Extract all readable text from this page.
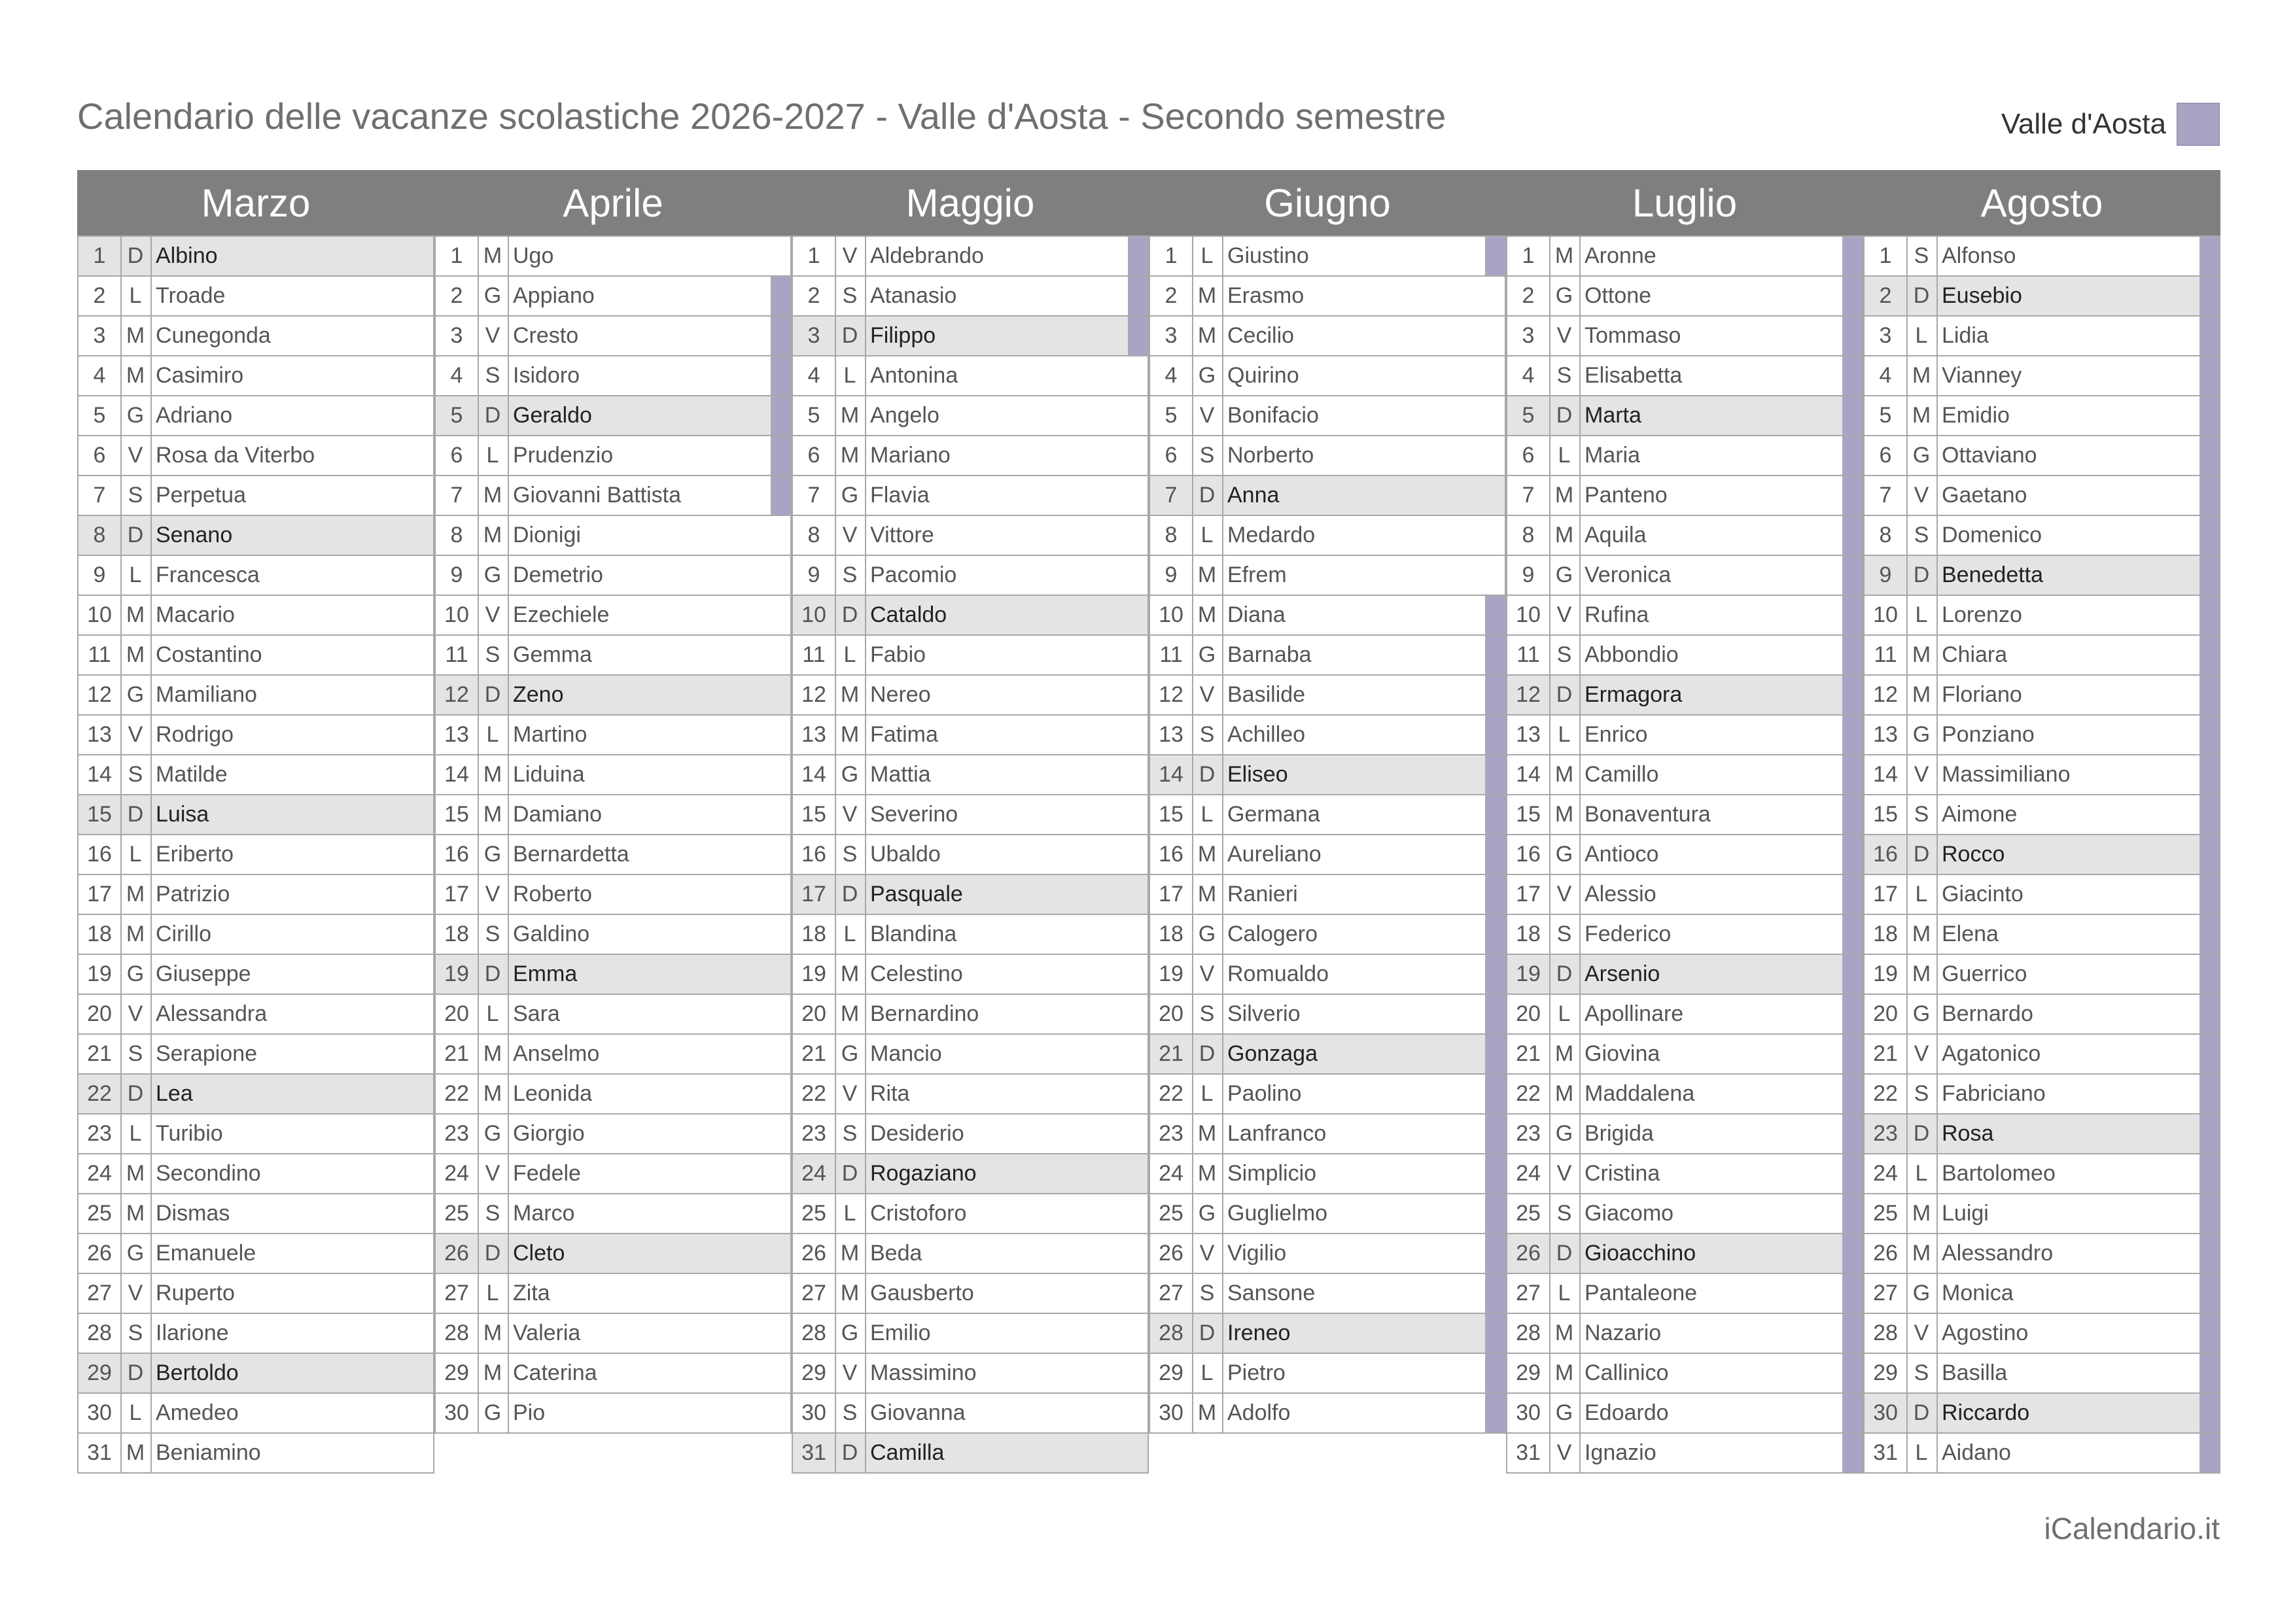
Calendario delle vacanze scolastiche 2026-2027 - Valle d'Aosta - Secondo semestre	Valle d'Aosta
Marzo
1 D Albino
2	L Troade
3 M Cunegonda
4 M Casimiro
5 G Adriano
6	V Rosa da Viterbo
7	S Perpetua
8 D Senano
9	L Francesca
10 M Macario
11 M Costantino
12 G Mamiliano
13 V Rodrigo
14 S Matilde
15 D Luisa
16 L Eriberto
17 M Patrizio
18 M Cirillo
19 G Giuseppe
20 V Alessandra
21 S Serapione
22 D Lea
23 L Turibio
24 M Secondino
25 M Dismas
26 G Emanuele
27 V Ruperto
28 S Ilarione
29 D Bertoldo
30 L Amedeo
31 M Beniamino
Aprile
1 M Ugo
2 G Appiano
3	V Cresto
4	S Isidoro
5 D Geraldo
6	L Prudenzio
7 M Giovanni Battista
8 M Dionigi
9 G Demetrio
10 V Ezechiele
11 S Gemma
12 D Zeno
13 L Martino
14 M Liduina
15 M Damiano
16 G Bernardetta
17 V Roberto
18 S Galdino
19 D Emma
20 L Sara
21 M Anselmo
22 M Leonida
23 G Giorgio
24 V Fedele
25 S Marco
26 D Cleto
27 L Zita
28 M Valeria
29 M Caterina
30 G Pio
Maggio
1	V Aldebrando
2	S Atanasio
3 D Filippo
4	L Antonina
5 M Angelo
6 M Mariano
7 G Flavia
8	V Vittore
9	S Pacomio
10 D Cataldo
11 L Fabio
12 M Nereo
13 M Fatima
14 G Mattia
15 V Severino
16 S Ubaldo
17 D Pasquale
18 L Blandina
19 M Celestino
20 M Bernardino
21 G Mancio
22 V Rita
23 S Desiderio
24 D Rogaziano
25 L Cristoforo
26 M Beda
27 M Gausberto
28 G Emilio
29 V Massimino
30 S Giovanna
31 D Camilla
Giugno
1	L Giustino
2 M Erasmo
3 M Cecilio
4 G Quirino
5	V Bonifacio
6	S Norberto
7 D Anna
8	L Medardo
9 M Efrem
10 M Diana
11 G Barnaba
12 V Basilide
13 S Achilleo
14 D Eliseo
15 L Germana
16 M Aureliano
17 M Ranieri
18 G Calogero
19 V Romualdo
20 S Silverio
21 D Gonzaga
22 L Paolino
23 M Lanfranco
24 M Simplicio
25 G Guglielmo
26 V Vigilio
27 S Sansone
28 D Ireneo
29 L Pietro
30 M Adolfo
Luglio
1 M Aronne
2 G Ottone
3	V Tommaso
4	S Elisabetta
5 D Marta
6	L Maria
7 M Panteno
8 M Aquila
9 G Veronica
10 V Rufina
11 S Abbondio
12 D Ermagora
13 L Enrico
14 M Camillo
15 M Bonaventura
16 G Antioco
17 V Alessio
18 S Federico
19 D Arsenio
20 L Apollinare
21 M Giovina
22 M Maddalena
23 G Brigida
24 V Cristina
25 S Giacomo
26 D Gioacchino
27 L Pantaleone
28 M Nazario
29 M Callinico
30 G Edoardo
31 V Ignazio
Agosto
1	S Alfonso
2 D Eusebio
3	L Lidia
4 M Vianney
5 M Emidio
6 G Ottaviano
7	V Gaetano
8	S Domenico
9 D Benedetta
10 L Lorenzo
11 M Chiara
12 M Floriano
13 G Ponziano
14 V Massimiliano
15 S Aimone
16 D Rocco
17 L Giacinto
18 M Elena
19 M Guerrico
20 G Bernardo
21 V Agatonico
22 S Fabriciano
23 D Rosa
24 L Bartolomeo
25 M Luigi
26 M Alessandro
27 G Monica
28 V Agostino
29 S Basilla
30 D Riccardo
31 L Aidano
iCalendario.it
